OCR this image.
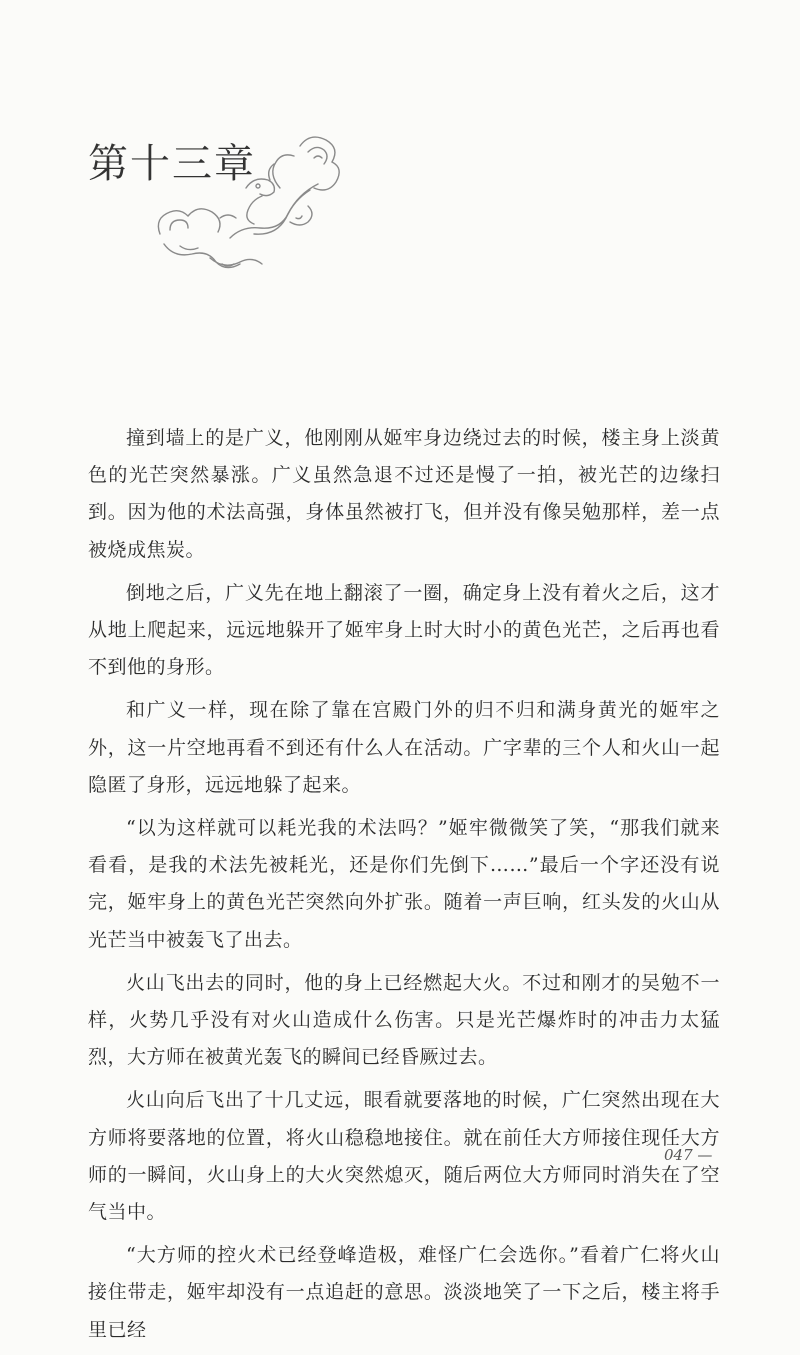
第十三章

撞到墙上的是广义，他刚刚从姬牢身边绕过去的时候，楼主身上淡黄色的光芒突然暴涨。广义虽然急退不过还是慢了一拍，被光芒的边缘扫到。因为他的术法高强，身体虽然被打飞，但并没有像吴勉那样，差一点被烧成焦炭。

倒地之后，广义先在地上翻滚了一圈，确定身上没有着火之后，这才从地上爬起来，远远地躲开了姬牢身上时大时小的黄色光芒，之后再也看不到他的身形。

和广义一样，现在除了靠在宫殿门外的归不归和满身黄光的姬牢之外，这一片空地再看不到还有什么人在活动。广字辈的三个人和火山一起隐匿了身形，远远地躲了起来。

“以为这样就可以耗光我的术法吗？”姬牢微微笑了笑，“那我们就来看看，是我的术法先被耗光，还是你们先倒下……”最后一个字还没有说完，姬牢身上的黄色光芒突然向外扩张。随着一声巨响，红头发的火山从光芒当中被轰飞了出去。

火山飞出去的同时，他的身上已经燃起大火。不过和刚才的吴勉不一样，火势几乎没有对火山造成什么伤害。只是光芒爆炸时的冲击力太猛烈，大方师在被黄光轰飞的瞬间已经昏厥过去。

火山向后飞出了十几丈远，眼看就要落地的时候，广仁突然出现在大方师将要落地的位置，将火山稳稳地接住。就在前任大方师接住现任大方师的一瞬间，火山身上的大火突然熄灭，随后两位大方师同时消失在了空气当中。

“大方师的控火术已经登峰造极，难怪广仁会选你。”看着广仁将火山接住带走，姬牢却没有一点追赶的意思。淡淡地笑了一下之后，楼主将手里已经

047 —
